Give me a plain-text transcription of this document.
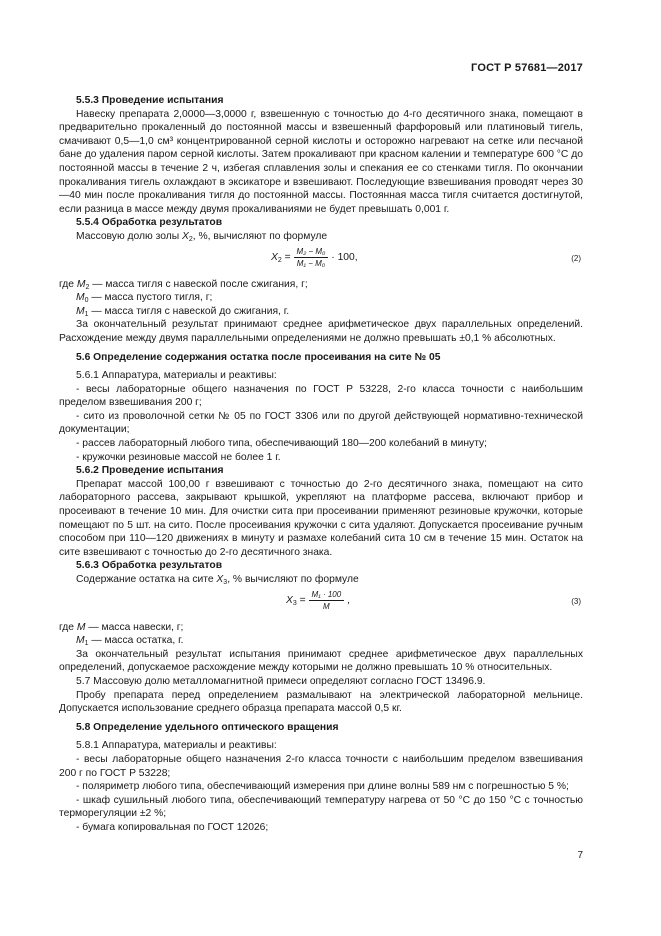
ГОСТ Р 57681—2017

5.5.3 Проведение испытания

Навеску препарата 2,0000—3,0000 г, взвешенную с точностью до 4-го десятичного знака, помещают в предварительно прокаленный до постоянной массы и взвешенный фарфоровый или платиновый тигель, смачивают 0,5—1,0 см³ концентрированной серной кислоты и осторожно нагревают на сетке или песчаной бане до удаления паром серной кислоты. Затем прокаливают при красном калении и температуре 600 °С до постоянной массы в течение 2 ч, избегая сплавления золы и спекания ее со стенками тигля. По окончании прокаливания тигель охлаждают в эксикаторе и взвешивают. Последующие взвешивания проводят через 30—40 мин после прокаливания тигля до постоянной массы. Постоянная масса тигля считается достигнутой, если разница в массе между двумя прокаливаниями не будет превышать 0,001 г.

5.5.4 Обработка результатов

Массовую долю золы $X_2$, %, вычисляют по формуле

$X_2 = \frac{\text{M₂ − M₀}}{\text{M₁ − M₀}} \cdot 100$,	(2)
где $M_2$ — масса тигля с навеской после сжигания, г;
$M_0$ — масса пустого тигля, г;
$M_1$ — масса тигля с навеской до сжигания, г.

За окончательный результат принимают среднее арифметическое двух параллельных определений. Расхождение между двумя параллельными определениями не должно превышать ±0,1 % абсолютных.

5.6 Определение содержания остатка после просеивания на сите № 05

5.6.1 Аппаратура, материалы и реактивы:

- весы лабораторные общего назначения по ГОСТ Р 53228, 2-го класса точности с наибольшим пределом взвешивания 200 г;

- сито из проволочной сетки № 05 по ГОСТ 3306 или по другой действующей нормативно-технической документации;

- рассев лабораторный любого типа, обеспечивающий 180—200 колебаний в минуту;

- кружочки резиновые массой не более 1 г.

5.6.2 Проведение испытания

Препарат массой 100,00 г взвешивают с точностью до 2-го десятичного знака, помещают на сито лабораторного рассева, закрывают крышкой, укрепляют на платформе рассева, включают прибор и просеивают в течение 10 мин. Для очистки сита при просеивании применяют резиновые кружочки, которые помещают по 5 шт. на сито. После просеивания кружочки с сита удаляют. Допускается просеивание ручным способом при 110—120 движениях в минуту и размахе колебаний сита 10 см в течение 15 мин. Остаток на сите взвешивают с точностью до 2-го десятичного знака.

5.6.3 Обработка результатов

Содержание остатка на сите $X_3$, % вычисляют по формуле

$X_3 = \frac{\text{M₁ · 100}}{M}$ ,	(3)
где M — масса навески, г;
$M_1$ — масса остатка, г.

За окончательный результат испытания принимают среднее арифметическое двух параллельных определений, допускаемое расхождение между которыми не должно превышать 10 % относительных.

5.7 Массовую долю металломагнитной примеси определяют согласно ГОСТ 13496.9.

Пробу препарата перед определением размалывают на электрической лабораторной мельнице. Допускается использование среднего образца препарата массой 0,5 кг.

5.8 Определение удельного оптического вращения

5.8.1 Аппаратура, материалы и реактивы:

- весы лабораторные общего назначения 2-го класса точности с наибольшим пределом взвешивания 200 г по ГОСТ Р 53228;

- поляриметр любого типа, обеспечивающий измерения при длине волны 589 нм с погрешностью 5 %;

- шкаф сушильный любого типа, обеспечивающий температуру нагрева от 50 °С до 150 °С с точностью терморегуляции ±2 %;

- бумага копировальная по ГОСТ 12026;

7
